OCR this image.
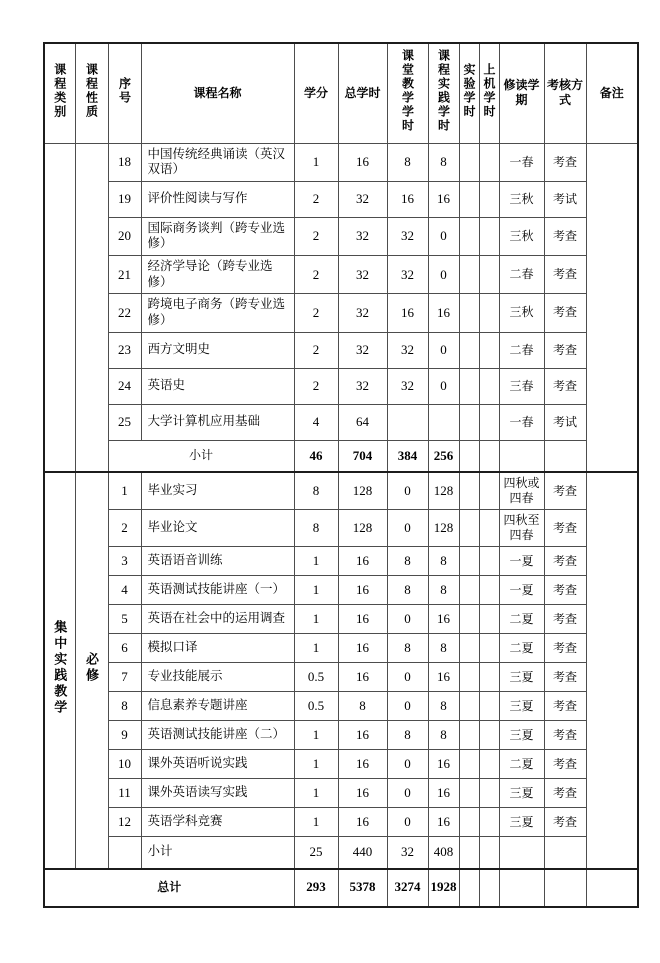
课程类别	课程性质	序号	课程名称	学分	总学时	课堂教学学时	课程实践学时	实验学时	上机学时	修读学期	考核方式	备注
		18	中国传统经典诵读（英汉双语）	1	16	8	8			一春	考查	
		19	评价性阅读与写作	2	32	16	16			三秋	考试	
		20	国际商务谈判（跨专业选修）	2	32	32	0			三秋	考查	
		21	经济学导论（跨专业选修）	2	32	32	0			二春	考查	
		22	跨境电子商务（跨专业选修）	2	32	16	16			三秋	考查	
		23	西方文明史	2	32	32	0			二春	考查	
		24	英语史	2	32	32	0			三春	考查	
		25	大学计算机应用基础	4	64					一春	考试	
		小计		46	704	384	256					
集中实践教学	必修	1	毕业实习	8	128	0	128			四秋或四春	考查	
		2	毕业论文	8	128	0	128			四秋至四春	考查	
		3	英语语音训练	1	16	8	8			一夏	考查	
		4	英语测试技能讲座（一）	1	16	8	8			一夏	考查	
		5	英语在社会中的运用调查	1	16	0	16			二夏	考查	
		6	模拟口译	1	16	8	8			二夏	考查	
		7	专业技能展示	0.5	16	0	16			三夏	考查	
		8	信息素养专题讲座	0.5	8	0	8			三夏	考查	
		9	英语测试技能讲座（二）	1	16	8	8			三夏	考查	
		10	课外英语听说实践	1	16	0	16			二夏	考查	
		11	课外英语读写实践	1	16	0	16			三夏	考查	
		12	英语学科竞赛	1	16	0	16			三夏	考查	
			小计	25	440	32	408					
总计				293	5378	3274	1928					
